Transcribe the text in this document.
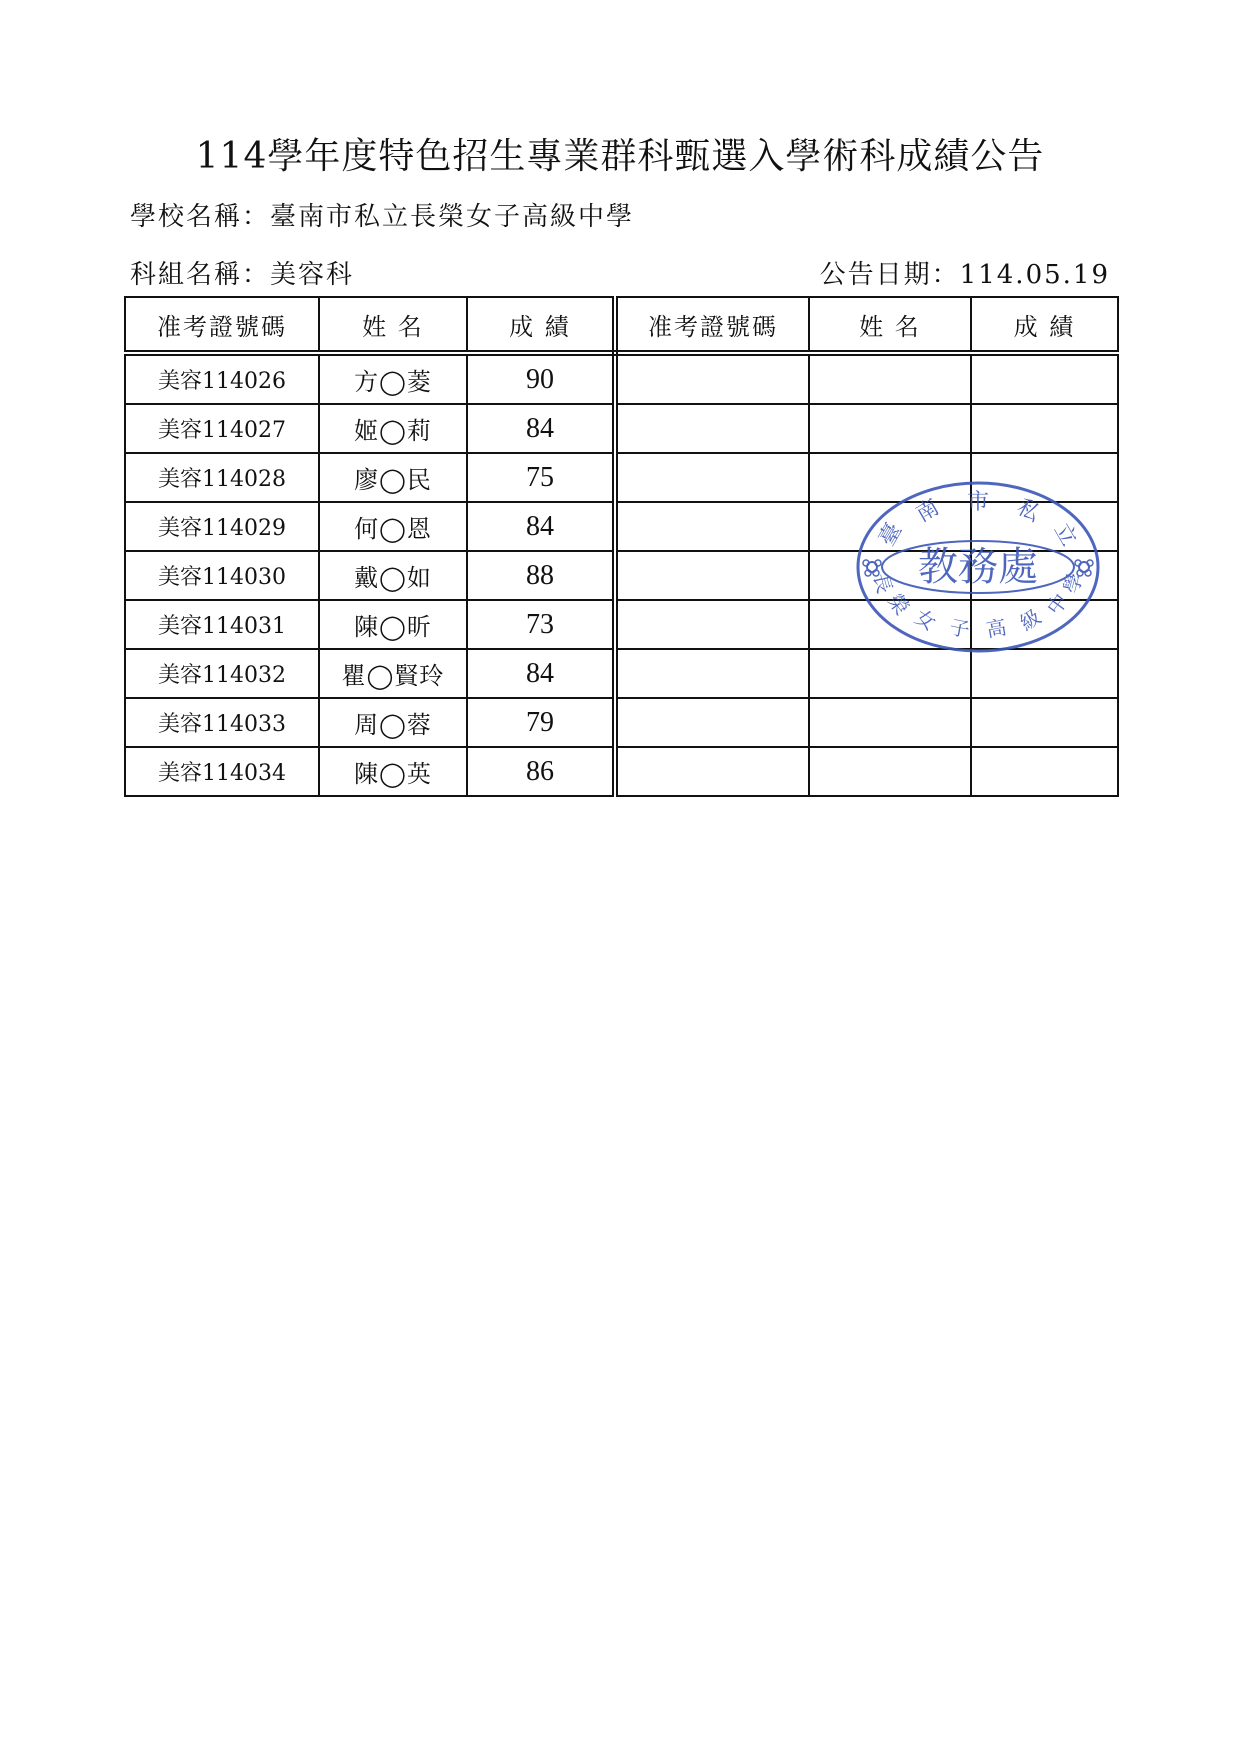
114學年度特色招生專業群科甄選入學術科成績公告
學校名稱：臺南市私立長榮女子高級中學
科組名稱：美容科	公告日期：114.05.19
准考證號碼	姓 名	成 績	准考證號碼	姓 名	成 績
美容114026	方◯菱	90			
美容114027	姬◯莉	84			
美容114028	廖◯民	75			
美容114029	何◯恩	84			
美容114030	戴◯如	88			
美容114031	陳◯昕	73			
美容114032	瞿◯賢玲	84			
美容114033	周◯蓉	79			
美容114034	陳◯英	86			
教務處
臺
南 市 私
立
長
榮
女 子 高 級
中
學
